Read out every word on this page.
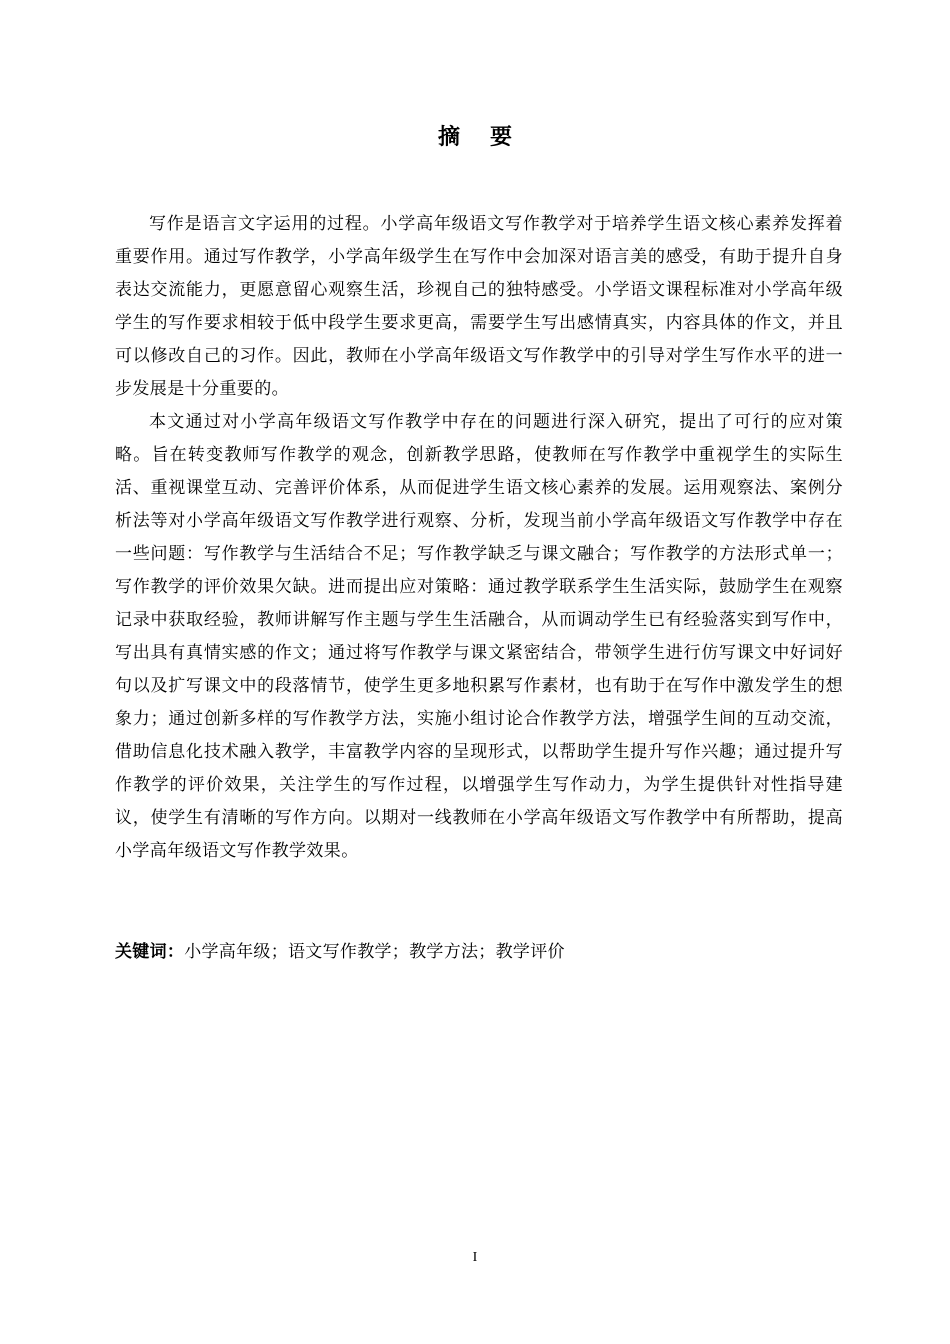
摘 要

写作是语言文字运用的过程。小学高年级语文写作教学对于培养学生语文核心素养发挥着重要作用。通过写作教学，小学高年级学生在写作中会加深对语言美的感受，有助于提升自身表达交流能力，更愿意留心观察生活，珍视自己的独特感受。小学语文课程标准对小学高年级学生的写作要求相较于低中段学生要求更高，需要学生写出感情真实，内容具体的作文，并且可以修改自己的习作。因此，教师在小学高年级语文写作教学中的引导对学生写作水平的进一步发展是十分重要的。

本文通过对小学高年级语文写作教学中存在的问题进行深入研究，提出了可行的应对策略。旨在转变教师写作教学的观念，创新教学思路，使教师在写作教学中重视学生的实际生活、重视课堂互动、完善评价体系，从而促进学生语文核心素养的发展。运用观察法、案例分析法等对小学高年级语文写作教学进行观察、分析，发现当前小学高年级语文写作教学中存在一些问题：写作教学与生活结合不足；写作教学缺乏与课文融合；写作教学的方法形式单一；写作教学的评价效果欠缺。进而提出应对策略：通过教学联系学生生活实际，鼓励学生在观察记录中获取经验，教师讲解写作主题与学生生活融合，从而调动学生已有经验落实到写作中，写出具有真情实感的作文；通过将写作教学与课文紧密结合，带领学生进行仿写课文中好词好句以及扩写课文中的段落情节，使学生更多地积累写作素材，也有助于在写作中激发学生的想象力；通过创新多样的写作教学方法，实施小组讨论合作教学方法，增强学生间的互动交流，借助信息化技术融入教学，丰富教学内容的呈现形式，以帮助学生提升写作兴趣；通过提升写作教学的评价效果，关注学生的写作过程，以增强学生写作动力，为学生提供针对性指导建议，使学生有清晰的写作方向。以期对一线教师在小学高年级语文写作教学中有所帮助，提高小学高年级语文写作教学效果。

关键词：小学高年级；语文写作教学；教学方法；教学评价
I
